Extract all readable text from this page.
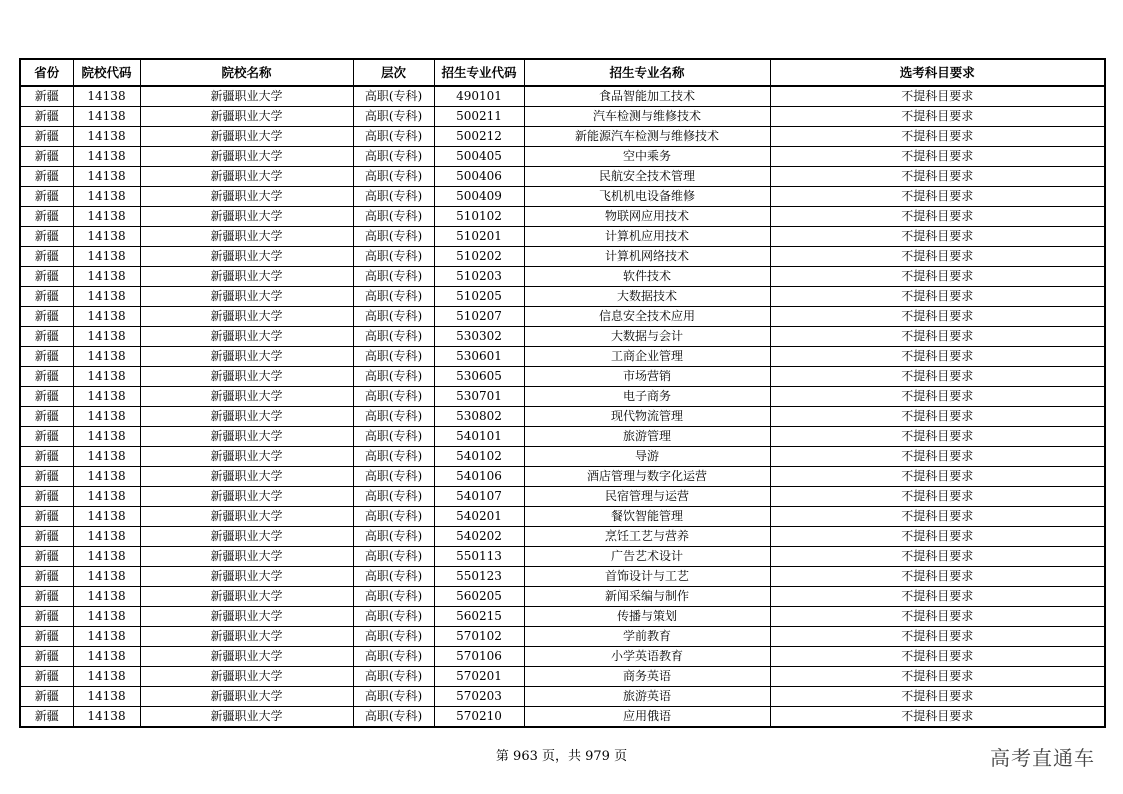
省份	院校代码	院校名称	层次	招生专业代码	招生专业名称	选考科目要求
新疆	14138	新疆职业大学	高职(专科)	490101	食品智能加工技术	不提科目要求
新疆	14138	新疆职业大学	高职(专科)	500211	汽车检测与维修技术	不提科目要求
新疆	14138	新疆职业大学	高职(专科)	500212	新能源汽车检测与维修技术	不提科目要求
新疆	14138	新疆职业大学	高职(专科)	500405	空中乘务	不提科目要求
新疆	14138	新疆职业大学	高职(专科)	500406	民航安全技术管理	不提科目要求
新疆	14138	新疆职业大学	高职(专科)	500409	飞机机电设备维修	不提科目要求
新疆	14138	新疆职业大学	高职(专科)	510102	物联网应用技术	不提科目要求
新疆	14138	新疆职业大学	高职(专科)	510201	计算机应用技术	不提科目要求
新疆	14138	新疆职业大学	高职(专科)	510202	计算机网络技术	不提科目要求
新疆	14138	新疆职业大学	高职(专科)	510203	软件技术	不提科目要求
新疆	14138	新疆职业大学	高职(专科)	510205	大数据技术	不提科目要求
新疆	14138	新疆职业大学	高职(专科)	510207	信息安全技术应用	不提科目要求
新疆	14138	新疆职业大学	高职(专科)	530302	大数据与会计	不提科目要求
新疆	14138	新疆职业大学	高职(专科)	530601	工商企业管理	不提科目要求
新疆	14138	新疆职业大学	高职(专科)	530605	市场营销	不提科目要求
新疆	14138	新疆职业大学	高职(专科)	530701	电子商务	不提科目要求
新疆	14138	新疆职业大学	高职(专科)	530802	现代物流管理	不提科目要求
新疆	14138	新疆职业大学	高职(专科)	540101	旅游管理	不提科目要求
新疆	14138	新疆职业大学	高职(专科)	540102	导游	不提科目要求
新疆	14138	新疆职业大学	高职(专科)	540106	酒店管理与数字化运营	不提科目要求
新疆	14138	新疆职业大学	高职(专科)	540107	民宿管理与运营	不提科目要求
新疆	14138	新疆职业大学	高职(专科)	540201	餐饮智能管理	不提科目要求
新疆	14138	新疆职业大学	高职(专科)	540202	烹饪工艺与营养	不提科目要求
新疆	14138	新疆职业大学	高职(专科)	550113	广告艺术设计	不提科目要求
新疆	14138	新疆职业大学	高职(专科)	550123	首饰设计与工艺	不提科目要求
新疆	14138	新疆职业大学	高职(专科)	560205	新闻采编与制作	不提科目要求
新疆	14138	新疆职业大学	高职(专科)	560215	传播与策划	不提科目要求
新疆	14138	新疆职业大学	高职(专科)	570102	学前教育	不提科目要求
新疆	14138	新疆职业大学	高职(专科)	570106	小学英语教育	不提科目要求
新疆	14138	新疆职业大学	高职(专科)	570201	商务英语	不提科目要求
新疆	14138	新疆职业大学	高职(专科)	570203	旅游英语	不提科目要求
新疆	14138	新疆职业大学	高职(专科)	570210	应用俄语	不提科目要求
第 963 页，共 979 页	高考直通车
